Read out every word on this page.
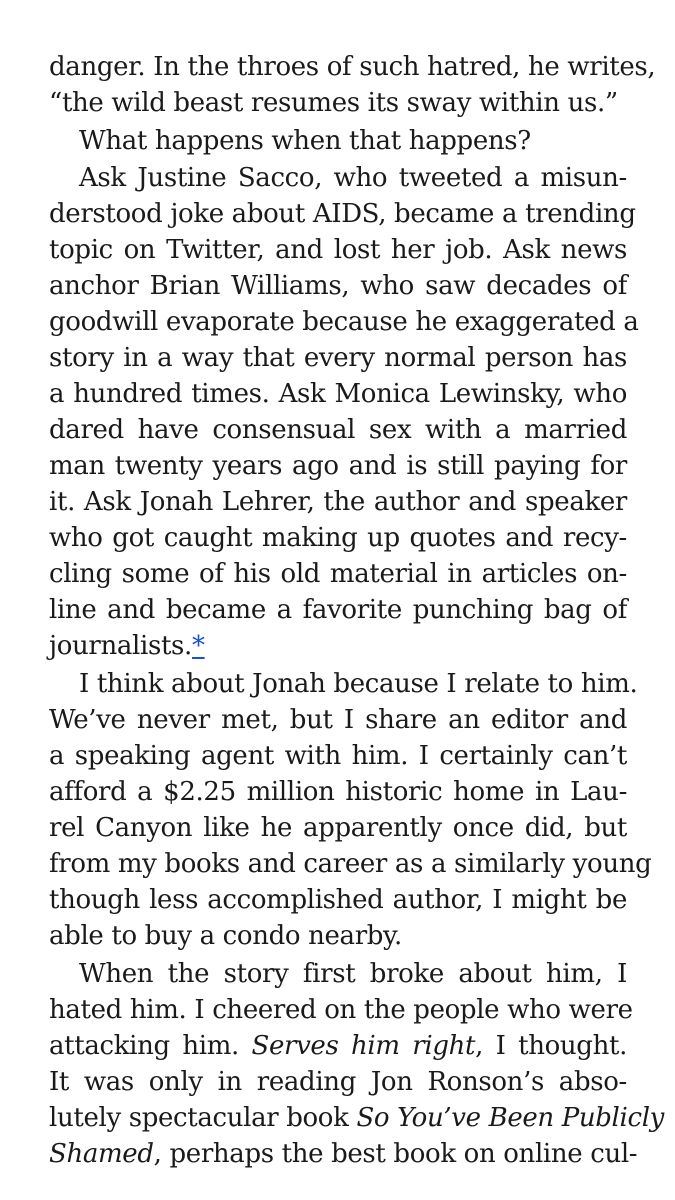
danger. In the throes of such hatred, he writes,
“the wild beast resumes its sway within us.”
What happens when that happens?
Ask Justine Sacco, who tweeted a misun-
derstood joke about AIDS, became a trending
topic on Twitter, and lost her job. Ask news
anchor Brian Williams, who saw decades of
goodwill evaporate because he exaggerated a
story in a way that every normal person has
a hundred times. Ask Monica Lewinsky, who
dared have consensual sex with a married
man twenty years ago and is still paying for
it. Ask Jonah Lehrer, the author and speaker
who got caught making up quotes and recy-
cling some of his old material in articles on-
line and became a favorite punching bag of
journalists.*
I think about Jonah because I relate to him.
We’ve never met, but I share an editor and
a speaking agent with him. I certainly can’t
afford a $2.25 million historic home in Lau-
rel Canyon like he apparently once did, but
from my books and career as a similarly young
though less accomplished author, I might be
able to buy a condo nearby.
When the story first broke about him, I
hated him. I cheered on the people who were
attacking him. Serves him right, I thought.
It was only in reading Jon Ronson’s abso-
lutely spectacular book So You’ve Been Publicly
Shamed, perhaps the best book on online cul-
